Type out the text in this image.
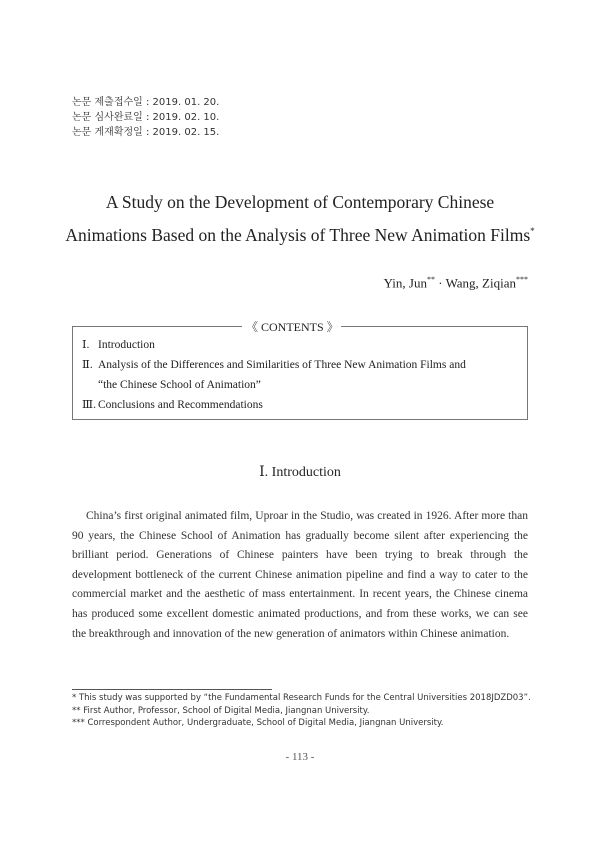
논문 제출접수일 : 2019. 01. 20.
논문 심사완료일 : 2019. 02. 10.
논문 게재확정일 : 2019. 02. 15.
A Study on the Development of Contemporary Chinese
Animations Based on the Analysis of Three New Animation Films*
Yin, Jun** · Wang, Ziqian***
《 CONTENTS 》
Ⅰ. Introduction
Ⅱ. Analysis of the Differences and Similarities of Three New Animation Films and
“the Chinese School of Animation”
Ⅲ. Conclusions and Recommendations
Ⅰ. Introduction
China’s first original animated film, Uproar in the Studio, was created in 1926. After more than 90 years, the Chinese School of Animation has gradually become silent after experiencing the brilliant period. Generations of Chinese painters have been trying to break through the development bottleneck of the current Chinese animation pipeline and find a way to cater to the commercial market and the aesthetic of mass entertainment. In recent years, the Chinese cinema has produced some excellent domestic animated productions, and from these works, we can see the breakthrough and innovation of the new generation of animators within Chinese animation.
* This study was supported by “the Fundamental Research Funds for the Central Universities 2018JDZD03”.
** First Author, Professor, School of Digital Media, Jiangnan University.
*** Correspondent Author, Undergraduate, School of Digital Media, Jiangnan University.
- 113 -
